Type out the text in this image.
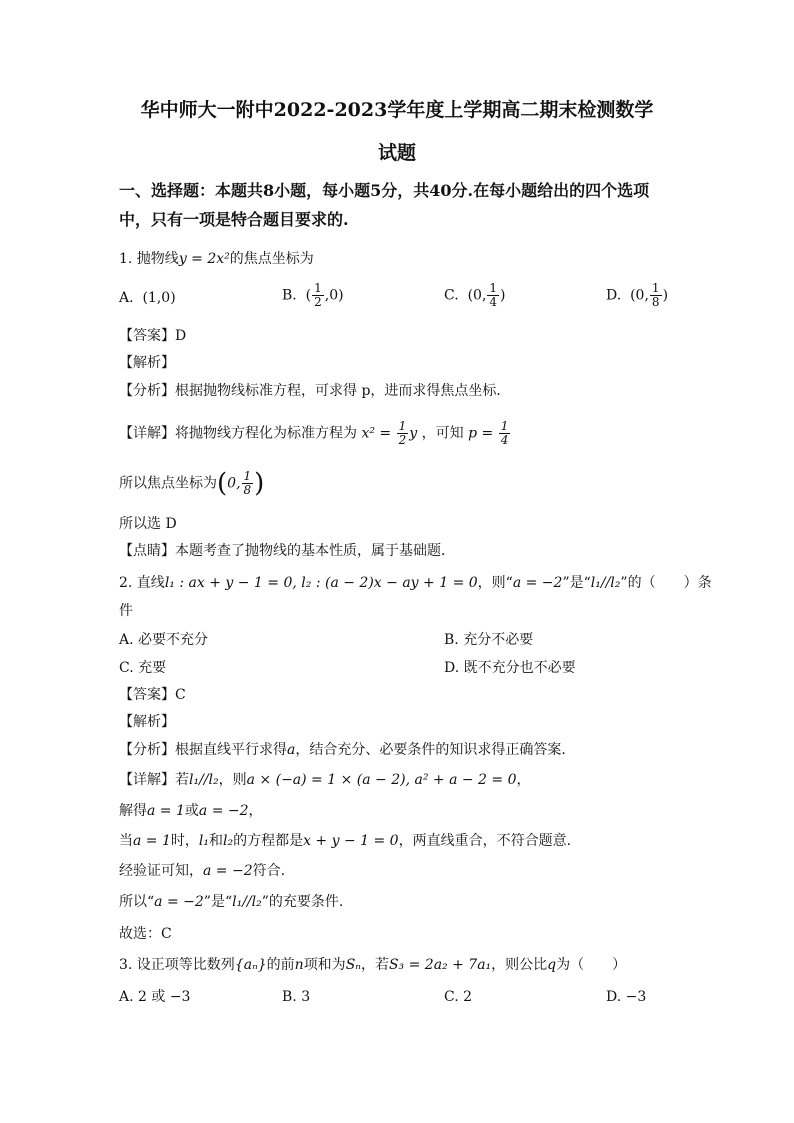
华中师大一附中2022-2023学年度上学期高二期末检测数学
试题
一、选择题：本题共8小题，每小题5分，共40分.在每小题给出的四个选项
中，只有一项是特合题目要求的.
1. 抛物线y = 2x²的焦点坐标为
A. (1,0)	B. ( $\frac{1}{2} ,0$)	C. (0, $\frac{1}{4}$ )	D. (0, $\frac{1}{8}$ )
【答案】D
【解析】
【分析】根据抛物线标准方程，可求得 p，进而求得焦点坐标．
【详解】将抛物线方程化为标准方程为 $x^2 = \frac{1}{2}$ y ，可知 $p = \frac{1}{4}$
所以焦点坐标为(0, $\frac{1}{8}$ )
所以选 D
【点睛】本题考查了抛物线的基本性质，属于基础题．
2. 直线l₁ : ax + y − 1 = 0, l₂ : (a − 2)x − ay + 1 = 0，则“a = −2”是“l₁//l₂”的（　　）条
件
A. 必要不充分	B. 充分不必要
C. 充要	D. 既不充分也不必要
【答案】C
【解析】
【分析】根据直线平行求得a，结合充分、必要条件的知识求得正确答案.
【详解】若l₁//l₂，则a × (−a) = 1 × (a − 2), a² + a − 2 = 0，
解得a = 1或a = −2，
当a = 1时，l₁和l₂的方程都是x + y − 1 = 0，两直线重合，不符合题意.
经验证可知，a = −2符合.
所以“a = −2”是“l₁//l₂”的充要条件.
故选：C
3. 设正项等比数列{aₙ}的前n项和为Sₙ，若S₃ = 2a₂ + 7a₁，则公比q为（　　）
A. 2 或 −3	B. 3	C. 2	D. −3
